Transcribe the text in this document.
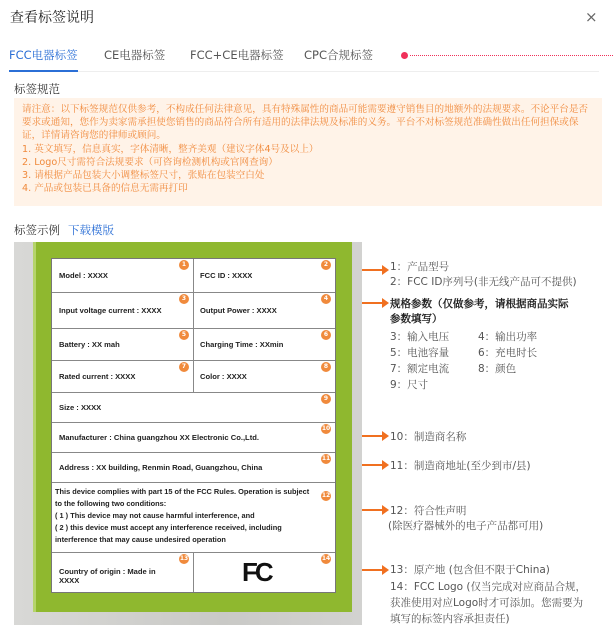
查看标签说明	×
FCC电器标签 CE电器标签 FCC+CE电器标签 CPC合规标签
标签规范
请注意：以下标签规范仅供参考，不构成任何法律意见，具有特殊属性的商品可能需要遵守销售目的地额外的法规要求。不论平台是否要求或通知，您作为卖家需承担使您销售的商品符合所有适用的法律法规及标准的义务。平台不对标签规范准确性做出任何担保或保证，详情请咨询您的律师或顾问。
1. 英文填写，信息真实，字体清晰，整齐美观（建议字体4号及以上）
2. Logo尺寸需符合法规要求（可咨询检测机构或官网查询）
3. 请根据产品包装大小调整标签尺寸，张贴在包装空白处
4. 产品或包装已具备的信息无需再打印
标签示例 下载模版
Model : XXXX	FCC ID : XXXX
Input voltage current : XXXX	Output Power : XXXX
Battery : XX mah	Charging Time : XXmin
Rated current : XXXX	Color : XXXX
Size : XXXX
Manufacturer : China guangzhou XX Electronic Co.,Ltd.
Address : XX building, Renmin Road, Guangzhou, China
This device complies with part 15 of the FCC Rules. Operation is subject to the following two conditions:
( 1 ) This device may not cause harmful interference, and
( 2 ) this device must accept any interference received, including interference that may cause undesired operation
Country of origin : Made in XXXX	FC
1	2
3	4
5	6
7	8
9
10
11
12
13	14
1：产品型号
2：FCC ID序列号(非无线产品可不提供)
规格参数（仅做参考，请根据商品实际
参数填写）
3：输入电压	4：输出功率
5：电池容量	6：充电时长
7：额定电流	8：颜色
9：尺寸
10：制造商名称
11：制造商地址(至少到市/县)
12：符合性声明
(除医疗器械外的电子产品都可用)
13：原产地 (包含但不限于China)
14：FCC Logo (仅当完成对应商品合规，
获准使用对应Logo时才可添加。您需要为
填写的标签内容承担责任)
